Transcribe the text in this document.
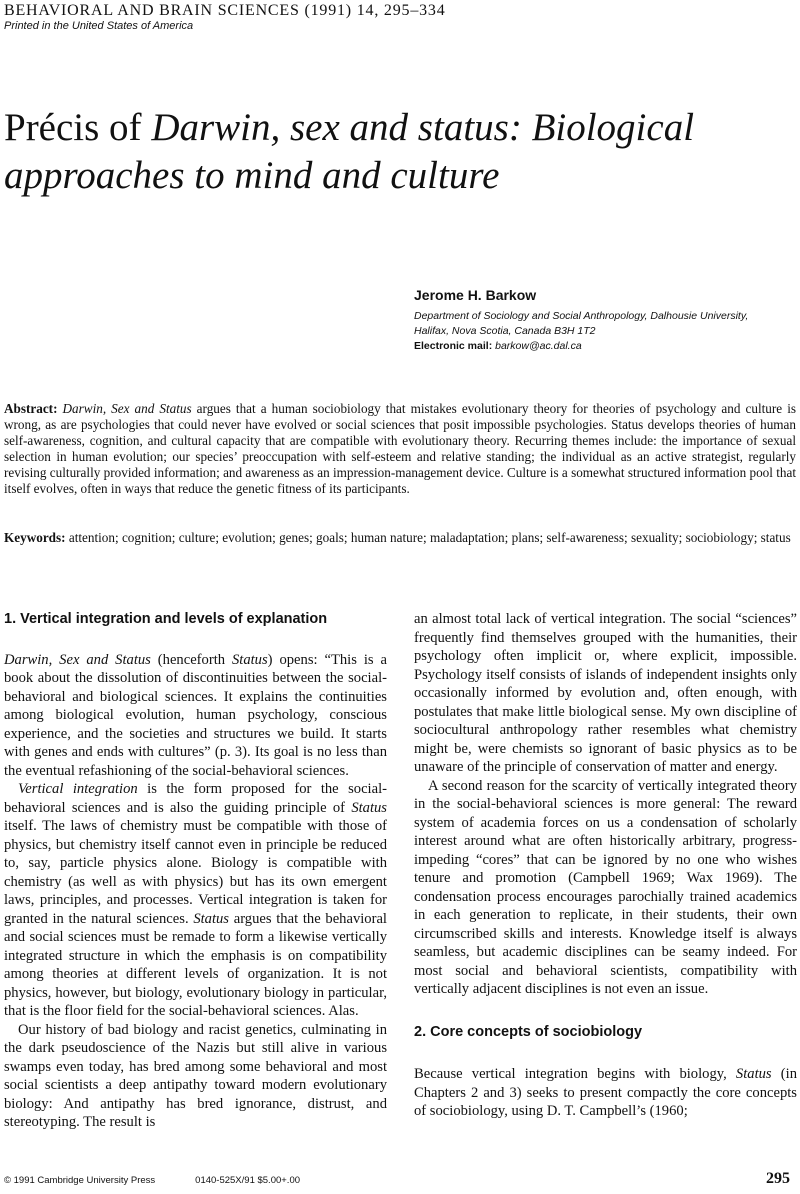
BEHAVIORAL AND BRAIN SCIENCES (1991) 14, 295–334
Printed in the United States of America
Précis of Darwin, sex and status: Biological approaches to mind and culture
Jerome H. Barkow
Department of Sociology and Social Anthropology, Dalhousie University,
Halifax, Nova Scotia, Canada B3H 1T2
Electronic mail: barkow@ac.dal.ca
Abstract: Darwin, Sex and Status argues that a human sociobiology that mistakes evolutionary theory for theories of psychology and culture is wrong, as are psychologies that could never have evolved or social sciences that posit impossible psychologies. Status develops theories of human self-awareness, cognition, and cultural capacity that are compatible with evolutionary theory. Recurring themes include: the importance of sexual selection in human evolution; our species’ preoccupation with self-esteem and relative standing; the individual as an active strategist, regularly revising culturally provided information; and awareness as an impression-management device. Culture is a somewhat structured information pool that itself evolves, often in ways that reduce the genetic fitness of its participants.
Keywords: attention; cognition; culture; evolution; genes; goals; human nature; maladaptation; plans; self-awareness; sexuality; sociobiology; status
1. Vertical integration and levels of explanation

Darwin, Sex and Status (henceforth Status) opens: “This is a book about the dissolution of discontinuities between the social-behavioral and biological sciences. It explains the continuities among biological evolution, human psychology, conscious experience, and the societies and structures we build. It starts with genes and ends with cultures” (p. 3). Its goal is no less than the eventual refashioning of the social-behavioral sciences.

Vertical integration is the form proposed for the social-behavioral sciences and is also the guiding principle of Status itself. The laws of chemistry must be compatible with those of physics, but chemistry itself cannot even in principle be reduced to, say, particle physics alone. Biology is compatible with chemistry (as well as with physics) but has its own emergent laws, principles, and processes. Vertical integration is taken for granted in the natural sciences. Status argues that the behavioral and social sciences must be remade to form a likewise vertically integrated structure in which the emphasis is on compatibility among theories at different levels of organization. It is not physics, however, but biology, evolutionary biology in particular, that is the floor field for the social-behavioral sciences. Alas.

Our history of bad biology and racist genetics, culminating in the dark pseudoscience of the Nazis but still alive in various swamps even today, has bred among some behavioral and most social scientists a deep antipathy toward modern evolutionary biology: And antipathy has bred ignorance, distrust, and stereotyping. The result is

an almost total lack of vertical integration. The social “sciences” frequently find themselves grouped with the humanities, their psychology often implicit or, where explicit, impossible. Psychology itself consists of islands of independent insights only occasionally informed by evolution and, often enough, with postulates that make little biological sense. My own discipline of sociocultural anthropology rather resembles what chemistry might be, were chemists so ignorant of basic physics as to be unaware of the principle of conservation of matter and energy.

A second reason for the scarcity of vertically integrated theory in the social-behavioral sciences is more general: The reward system of academia forces on us a condensation of scholarly interest around what are often historically arbitrary, progress-impeding “cores” that can be ignored by no one who wishes tenure and promotion (Campbell 1969; Wax 1969). The condensation process encourages parochially trained academics in each generation to replicate, in their students, their own circumscribed skills and interests. Knowledge itself is always seamless, but academic disciplines can be seamy indeed. For most social and behavioral scientists, compatibility with vertically adjacent disciplines is not even an issue.

2. Core concepts of sociobiology

Because vertical integration begins with biology, Status (in Chapters 2 and 3) seeks to present compactly the core concepts of sociobiology, using D. T. Campbell’s (1960;

© 1991 Cambridge University Press	0140-525X/91 $5.00+.00	295
